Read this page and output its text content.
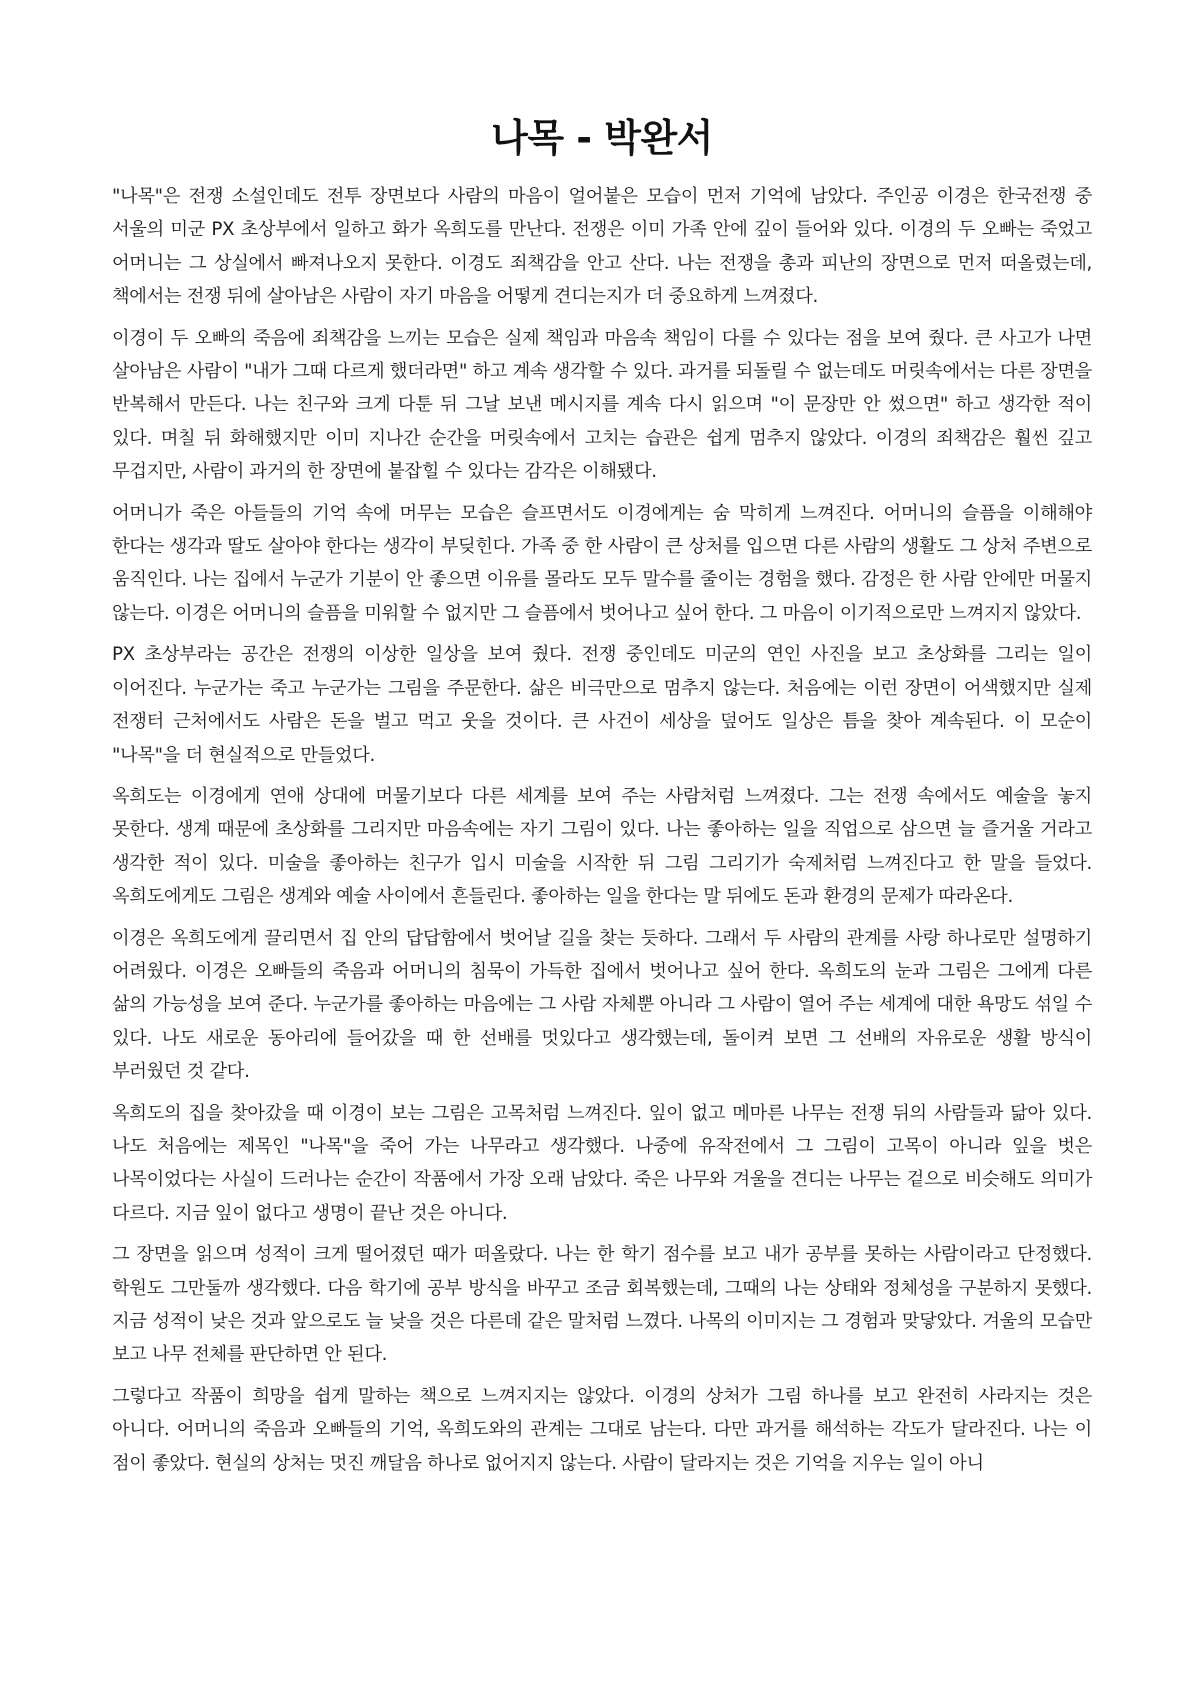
나목 - 박완서

"나목"은 전쟁 소설인데도 전투 장면보다 사람의 마음이 얼어붙은 모습이 먼저 기억에 남았다. 주인공 이경은 한국전쟁 중 서울의 미군 PX 초상부에서 일하고 화가 옥희도를 만난다. 전쟁은 이미 가족 안에 깊이 들어와 있다. 이경의 두 오빠는 죽었고 어머니는 그 상실에서 빠져나오지 못한다. 이경도 죄책감을 안고 산다. 나는 전쟁을 총과 피난의 장면으로 먼저 떠올렸는데, 책에서는 전쟁 뒤에 살아남은 사람이 자기 마음을 어떻게 견디는지가 더 중요하게 느껴졌다.

이경이 두 오빠의 죽음에 죄책감을 느끼는 모습은 실제 책임과 마음속 책임이 다를 수 있다는 점을 보여 줬다. 큰 사고가 나면 살아남은 사람이 "내가 그때 다르게 했더라면" 하고 계속 생각할 수 있다. 과거를 되돌릴 수 없는데도 머릿속에서는 다른 장면을 반복해서 만든다. 나는 친구와 크게 다툰 뒤 그날 보낸 메시지를 계속 다시 읽으며 "이 문장만 안 썼으면" 하고 생각한 적이 있다. 며칠 뒤 화해했지만 이미 지나간 순간을 머릿속에서 고치는 습관은 쉽게 멈추지 않았다. 이경의 죄책감은 훨씬 깊고 무겁지만, 사람이 과거의 한 장면에 붙잡힐 수 있다는 감각은 이해됐다.

어머니가 죽은 아들들의 기억 속에 머무는 모습은 슬프면서도 이경에게는 숨 막히게 느껴진다. 어머니의 슬픔을 이해해야 한다는 생각과 딸도 살아야 한다는 생각이 부딪힌다. 가족 중 한 사람이 큰 상처를 입으면 다른 사람의 생활도 그 상처 주변으로 움직인다. 나는 집에서 누군가 기분이 안 좋으면 이유를 몰라도 모두 말수를 줄이는 경험을 했다. 감정은 한 사람 안에만 머물지 않는다. 이경은 어머니의 슬픔을 미워할 수 없지만 그 슬픔에서 벗어나고 싶어 한다. 그 마음이 이기적으로만 느껴지지 않았다.

PX 초상부라는 공간은 전쟁의 이상한 일상을 보여 줬다. 전쟁 중인데도 미군의 연인 사진을 보고 초상화를 그리는 일이 이어진다. 누군가는 죽고 누군가는 그림을 주문한다. 삶은 비극만으로 멈추지 않는다. 처음에는 이런 장면이 어색했지만 실제 전쟁터 근처에서도 사람은 돈을 벌고 먹고 웃을 것이다. 큰 사건이 세상을 덮어도 일상은 틈을 찾아 계속된다. 이 모순이 "나목"을 더 현실적으로 만들었다.

옥희도는 이경에게 연애 상대에 머물기보다 다른 세계를 보여 주는 사람처럼 느껴졌다. 그는 전쟁 속에서도 예술을 놓지 못한다. 생계 때문에 초상화를 그리지만 마음속에는 자기 그림이 있다. 나는 좋아하는 일을 직업으로 삼으면 늘 즐거울 거라고 생각한 적이 있다. 미술을 좋아하는 친구가 입시 미술을 시작한 뒤 그림 그리기가 숙제처럼 느껴진다고 한 말을 들었다. 옥희도에게도 그림은 생계와 예술 사이에서 흔들린다. 좋아하는 일을 한다는 말 뒤에도 돈과 환경의 문제가 따라온다.

이경은 옥희도에게 끌리면서 집 안의 답답함에서 벗어날 길을 찾는 듯하다. 그래서 두 사람의 관계를 사랑 하나로만 설명하기 어려웠다. 이경은 오빠들의 죽음과 어머니의 침묵이 가득한 집에서 벗어나고 싶어 한다. 옥희도의 눈과 그림은 그에게 다른 삶의 가능성을 보여 준다. 누군가를 좋아하는 마음에는 그 사람 자체뿐 아니라 그 사람이 열어 주는 세계에 대한 욕망도 섞일 수 있다. 나도 새로운 동아리에 들어갔을 때 한 선배를 멋있다고 생각했는데, 돌이켜 보면 그 선배의 자유로운 생활 방식이 부러웠던 것 같다.

옥희도의 집을 찾아갔을 때 이경이 보는 그림은 고목처럼 느껴진다. 잎이 없고 메마른 나무는 전쟁 뒤의 사람들과 닮아 있다. 나도 처음에는 제목인 "나목"을 죽어 가는 나무라고 생각했다. 나중에 유작전에서 그 그림이 고목이 아니라 잎을 벗은 나목이었다는 사실이 드러나는 순간이 작품에서 가장 오래 남았다. 죽은 나무와 겨울을 견디는 나무는 겉으로 비슷해도 의미가 다르다. 지금 잎이 없다고 생명이 끝난 것은 아니다.

그 장면을 읽으며 성적이 크게 떨어졌던 때가 떠올랐다. 나는 한 학기 점수를 보고 내가 공부를 못하는 사람이라고 단정했다. 학원도 그만둘까 생각했다. 다음 학기에 공부 방식을 바꾸고 조금 회복했는데, 그때의 나는 상태와 정체성을 구분하지 못했다. 지금 성적이 낮은 것과 앞으로도 늘 낮을 것은 다른데 같은 말처럼 느꼈다. 나목의 이미지는 그 경험과 맞닿았다. 겨울의 모습만 보고 나무 전체를 판단하면 안 된다.

그렇다고 작품이 희망을 쉽게 말하는 책으로 느껴지지는 않았다. 이경의 상처가 그림 하나를 보고 완전히 사라지는 것은 아니다. 어머니의 죽음과 오빠들의 기억, 옥희도와의 관계는 그대로 남는다. 다만 과거를 해석하는 각도가 달라진다. 나는 이 점이 좋았다. 현실의 상처는 멋진 깨달음 하나로 없어지지 않는다. 사람이 달라지는 것은 기억을 지우는 일이 아니
